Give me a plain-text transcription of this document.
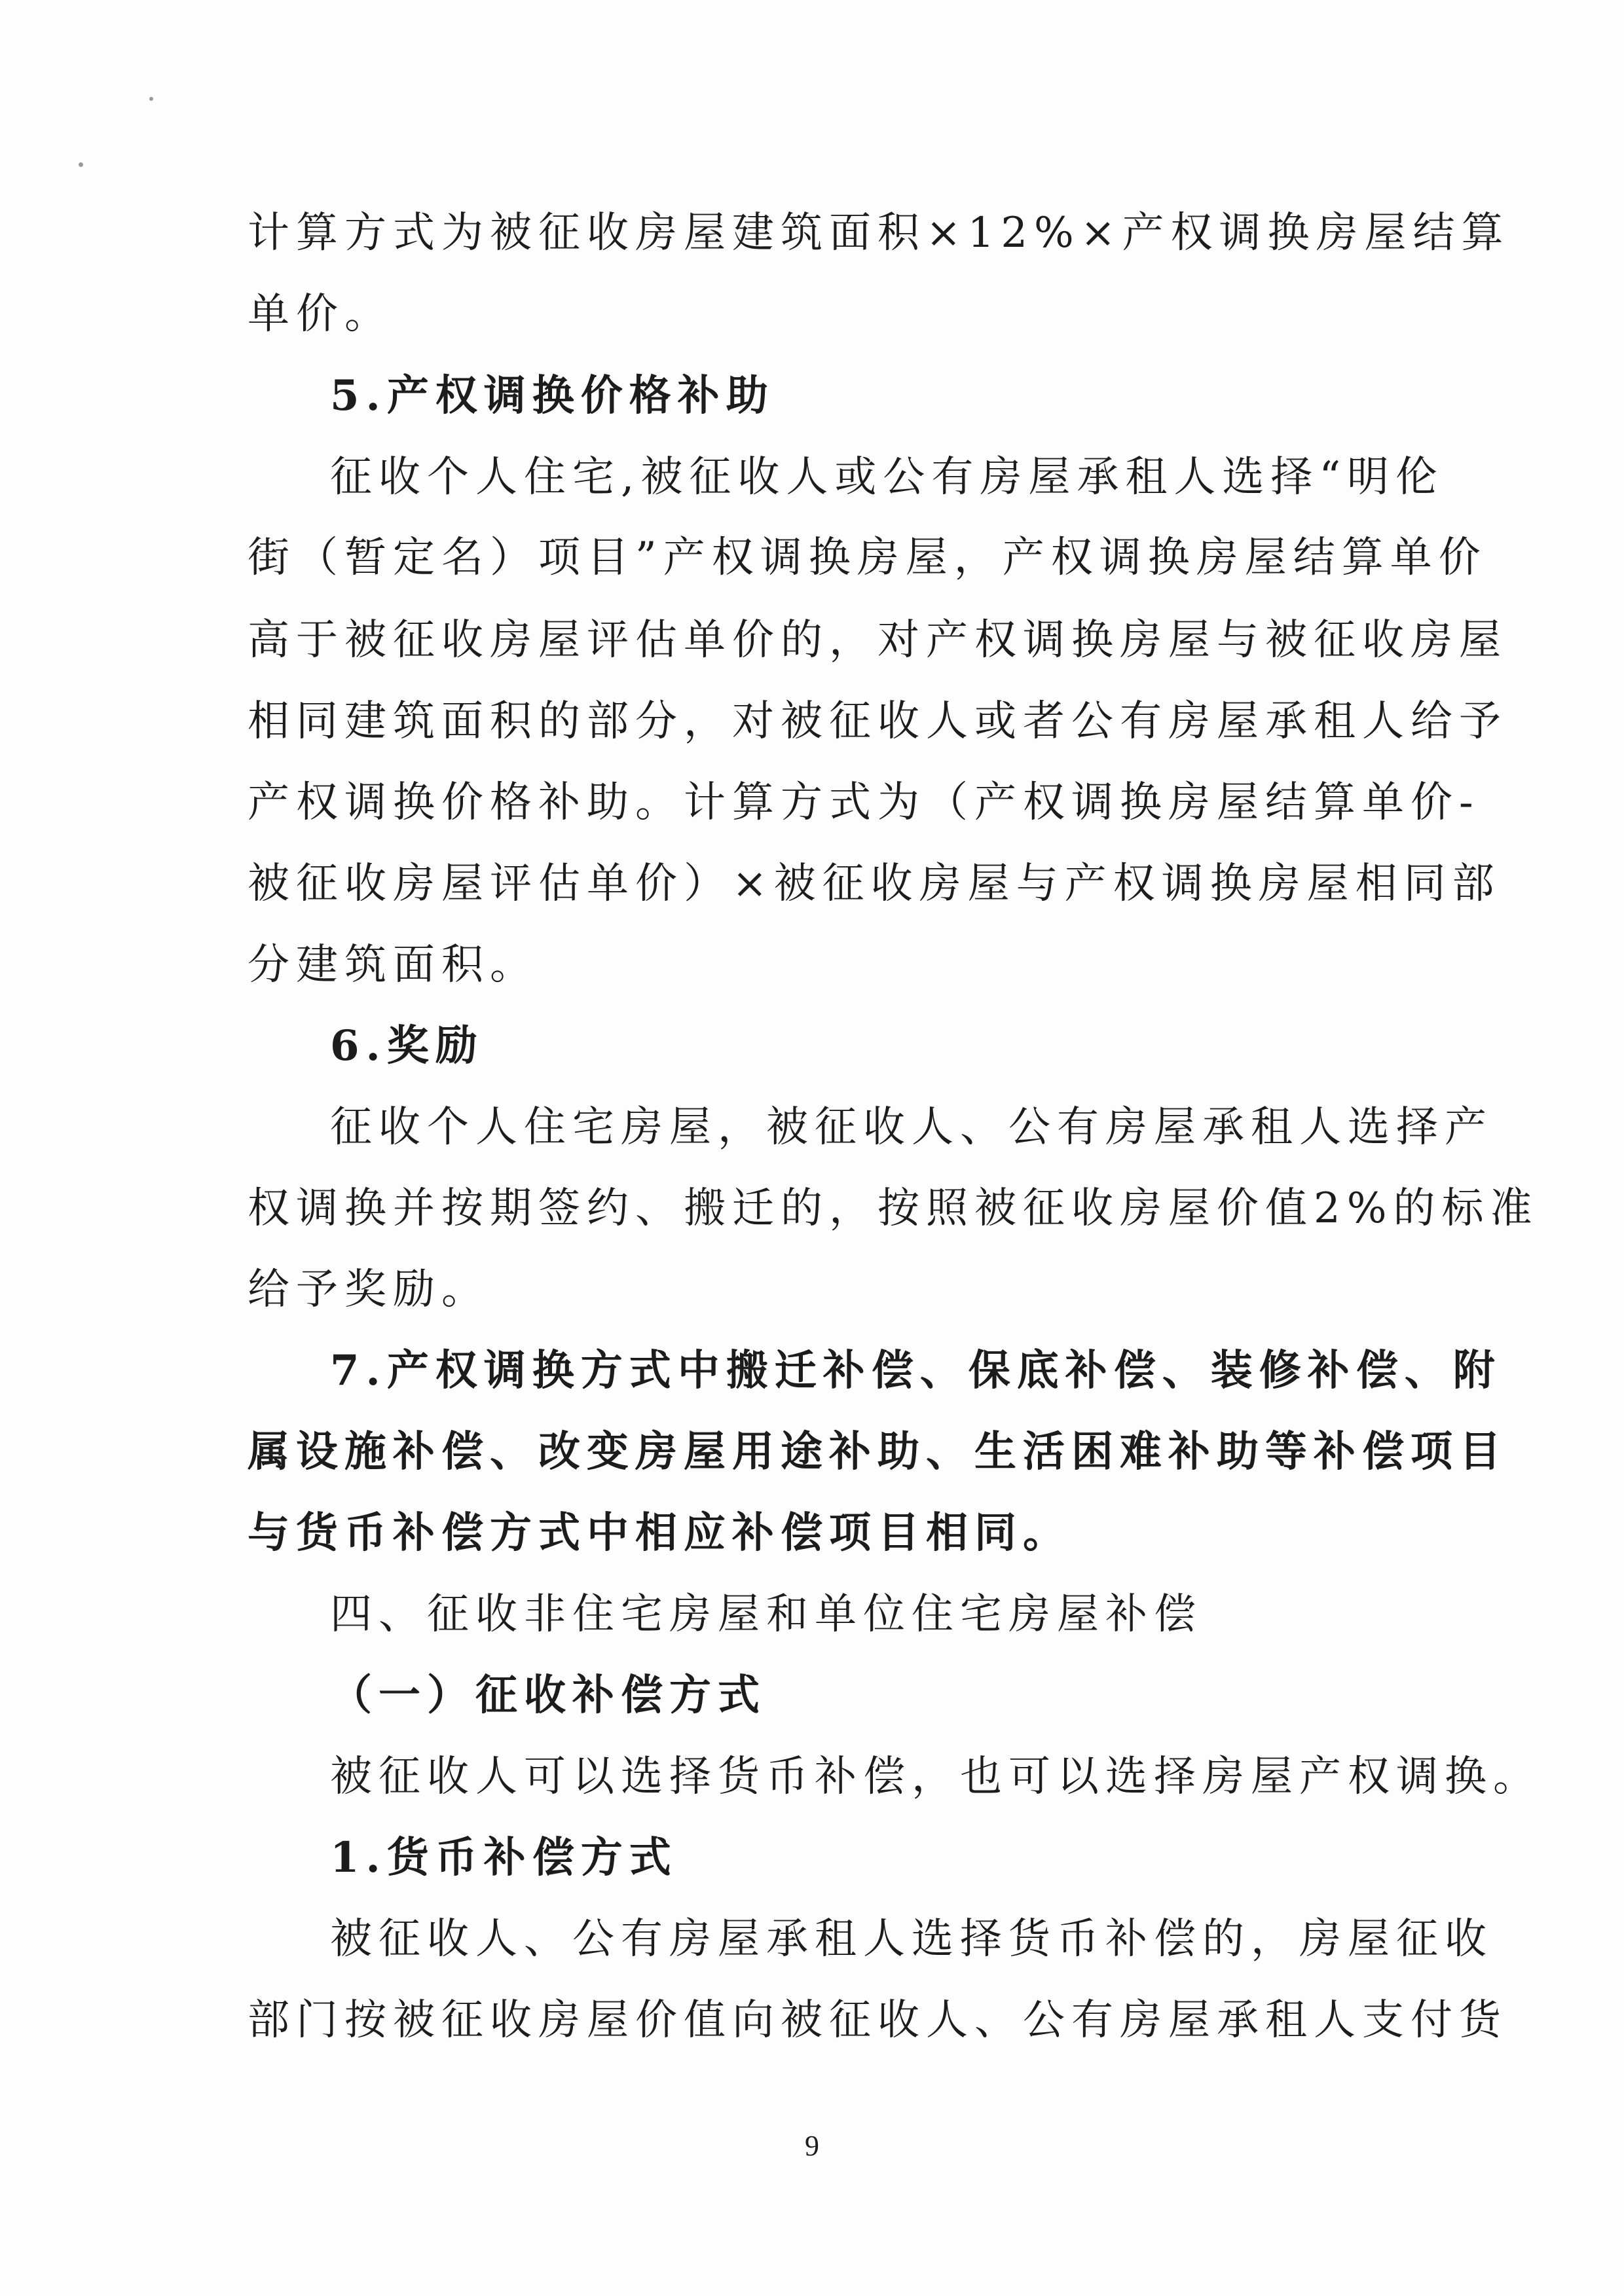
计算方式为被征收房屋建筑面积×12%×产权调换房屋结算
单价。
5.产权调换价格补助
征收个人住宅,被征收人或公有房屋承租人选择“明伦
街（暂定名）项目”产权调换房屋，产权调换房屋结算单价
高于被征收房屋评估单价的，对产权调换房屋与被征收房屋
相同建筑面积的部分，对被征收人或者公有房屋承租人给予
产权调换价格补助。计算方式为（产权调换房屋结算单价-
被征收房屋评估单价）×被征收房屋与产权调换房屋相同部
分建筑面积。
6.奖励
征收个人住宅房屋，被征收人、公有房屋承租人选择产
权调换并按期签约、搬迁的，按照被征收房屋价值2%的标准
给予奖励。
7.产权调换方式中搬迁补偿、保底补偿、装修补偿、附
属设施补偿、改变房屋用途补助、生活困难补助等补偿项目
与货币补偿方式中相应补偿项目相同。
四、征收非住宅房屋和单位住宅房屋补偿
（一）征收补偿方式
被征收人可以选择货币补偿，也可以选择房屋产权调换。
1.货币补偿方式
被征收人、公有房屋承租人选择货币补偿的，房屋征收
部门按被征收房屋价值向被征收人、公有房屋承租人支付货
9
